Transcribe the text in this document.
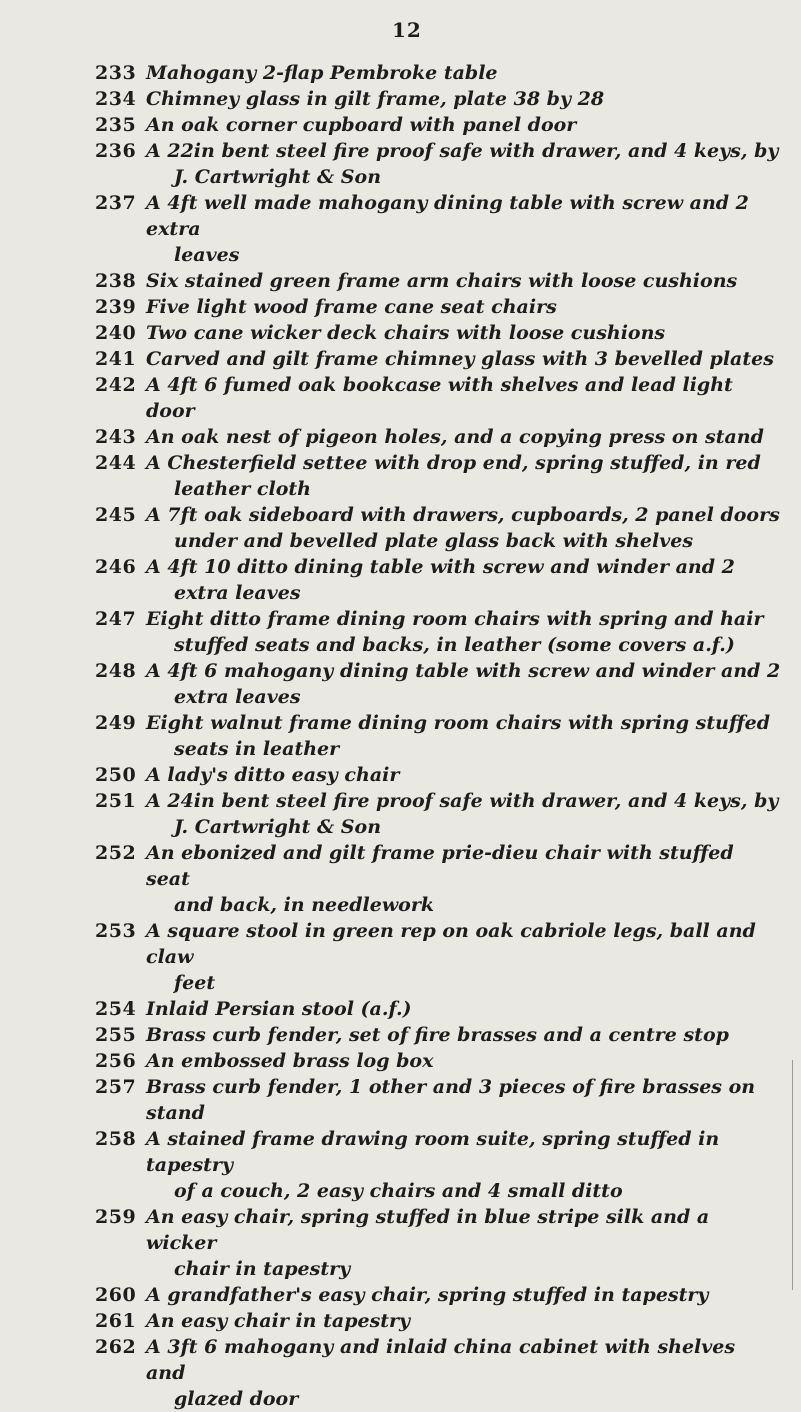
12
233 Mahogany 2-flap Pembroke table
234 Chimney glass in gilt frame, plate 38 by 28
235 An oak corner cupboard with panel door
236 A 22in bent steel fire proof safe with drawer, and 4 keys, by

J. Cartwright & Son
237 A 4ft well made mahogany dining table with screw and 2 extra

leaves
238 Six stained green frame arm chairs with loose cushions
239 Five light wood frame cane seat chairs
240 Two cane wicker deck chairs with loose cushions
241 Carved and gilt frame chimney glass with 3 bevelled plates
242 A 4ft 6 fumed oak bookcase with shelves and lead light door
243 An oak nest of pigeon holes, and a copying press on stand
244 A Chesterfield settee with drop end, spring stuffed, in red

leather cloth
245 A 7ft oak sideboard with drawers, cupboards, 2 panel doors

under and bevelled plate glass back with shelves
246 A 4ft 10 ditto dining table with screw and winder and 2

extra leaves
247 Eight ditto frame dining room chairs with spring and hair

stuffed seats and backs, in leather (some covers a.f.)
248 A 4ft 6 mahogany dining table with screw and winder and 2

extra leaves
249 Eight walnut frame dining room chairs with spring stuffed

seats in leather
250 A lady's ditto easy chair
251 A 24in bent steel fire proof safe with drawer, and 4 keys, by

J. Cartwright & Son
252 An ebonized and gilt frame prie-dieu chair with stuffed seat

and back, in needlework
253 A square stool in green rep on oak cabriole legs, ball and claw

feet
254 Inlaid Persian stool (a.f.)
255 Brass curb fender, set of fire brasses and a centre stop
256 An embossed brass log box
257 Brass curb fender, 1 other and 3 pieces of fire brasses on stand
258 A stained frame drawing room suite, spring stuffed in tapestry

of a couch, 2 easy chairs and 4 small ditto
259 An easy chair, spring stuffed in blue stripe silk and a wicker

chair in tapestry
260 A grandfather's easy chair, spring stuffed in tapestry
261 An easy chair in tapestry
262 A 3ft 6 mahogany and inlaid china cabinet with shelves and

glazed door
